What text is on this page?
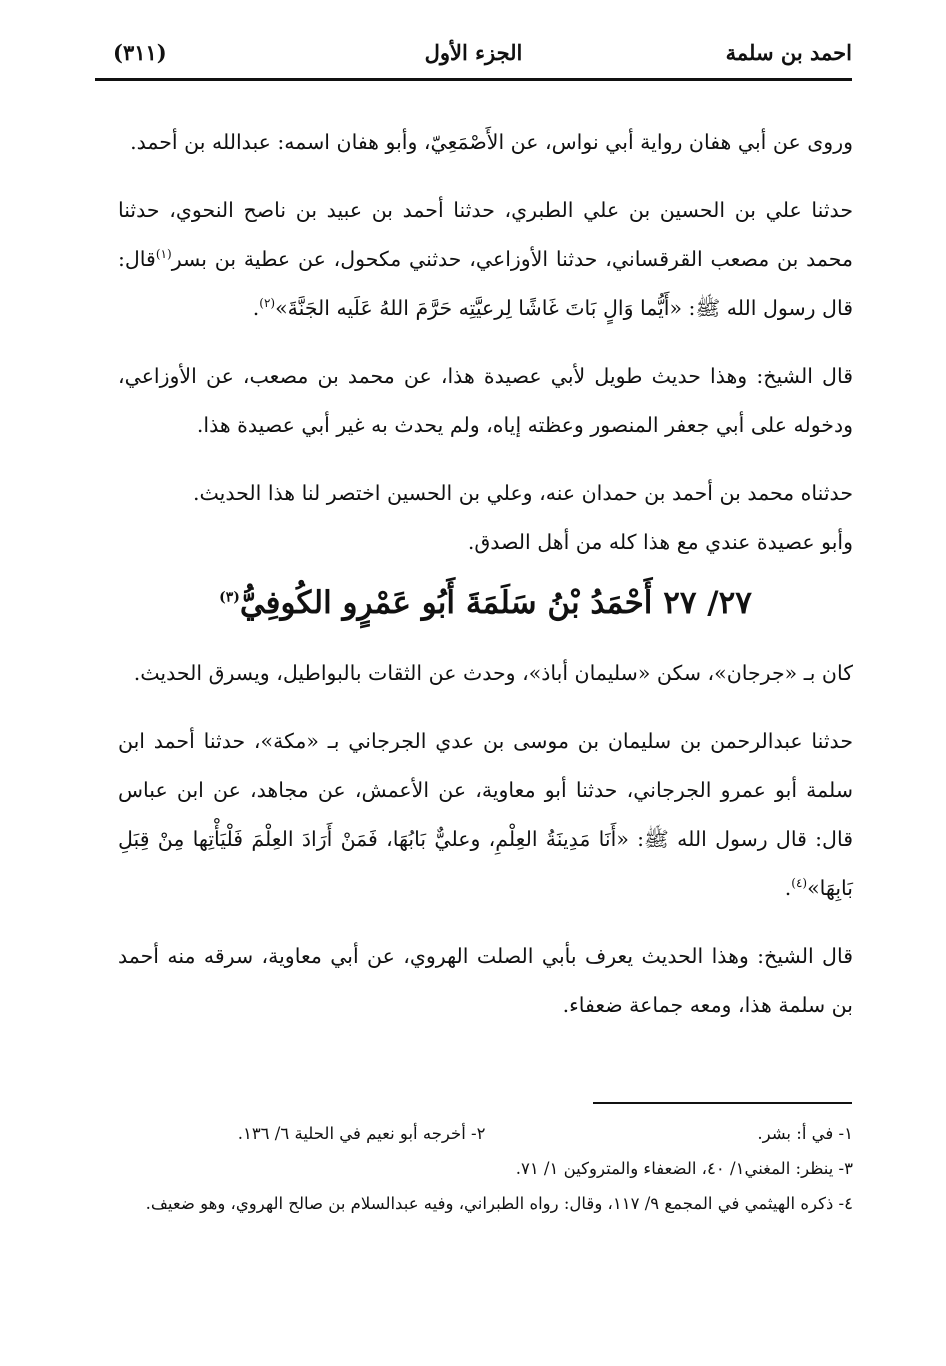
احمد بن سلمة
الجزء الأول
(٣١١)

وروى عن أبي هفان رواية أبي نواس، عن الأَصْمَعِيّ، وأبو هفان اسمه: عبدالله بن أحمد.

حدثنا علي بن الحسين بن علي الطبري، حدثنا أحمد بن عبيد بن ناصح النحوي، حدثنا محمد بن مصعب القرقساني، حدثنا الأوزاعي، حدثني مكحول، عن عطية بن بسر$^{(١)}$قال: قال رسول الله ﷺ: «أَيُّما وَالٍ بَاتَ غَاشًا لِرعيَّتِه حَرَّمَ اللهُ عَلَيه الجَنَّةَ»$^{(٢)}$.

قال الشيخ: وهذا حديث طويل لأبي عصيدة هذا، عن محمد بن مصعب، عن الأوزاعي، ودخوله على أبي جعفر المنصور وعظته إياه، ولم يحدث به غير أبي عصيدة هذا.

حدثناه محمد بن أحمد بن حمدان عنه، وعلي بن الحسين اختصر لنا هذا الحديث.

وأبو عصيدة عندي مع هذا كله من أهل الصدق.

٢٧/ ٢٧ أَحْمَدُ بْنُ سَلَمَةَ أَبُو عَمْرٍو الكُوفِيُّ$^{(٣)}$

كان بـ «جرجان»، سكن «سليمان أباذ»، وحدث عن الثقات بالبواطيل، ويسرق الحديث.

حدثنا عبدالرحمن بن سليمان بن موسى بن عدي الجرجاني بـ «مكة»، حدثنا أحمد ابن سلمة أبو عمرو الجرجاني، حدثنا أبو معاوية، عن الأعمش، عن مجاهد، عن ابن عباس قال: قال رسول الله ﷺ: «أَنَا مَدِينَةُ العِلْمِ، وعليٌّ بَابُهَا، فَمَنْ أَرَادَ العِلْمَ فَلْيَأْتِها مِنْ قِبَلِ بَابِهَا»$^{(٤)}$.

قال الشيخ: وهذا الحديث يعرف بأبي الصلت الهروي، عن أبي معاوية، سرقه منه أحمد بن سلمة هذا، ومعه جماعة ضعفاء.

١- في أ: بشر.
٢- أخرجه أبو نعيم في الحلية ٦/ ١٣٦.
٣- ينظر: المغني١/ ٤٠، الضعفاء والمتروكين ١/ ٧١.
٤- ذكره الهيثمي في المجمع ٩/ ١١٧، وقال: رواه الطبراني، وفيه عبدالسلام بن صالح الهروي، وهو ضعيف.
